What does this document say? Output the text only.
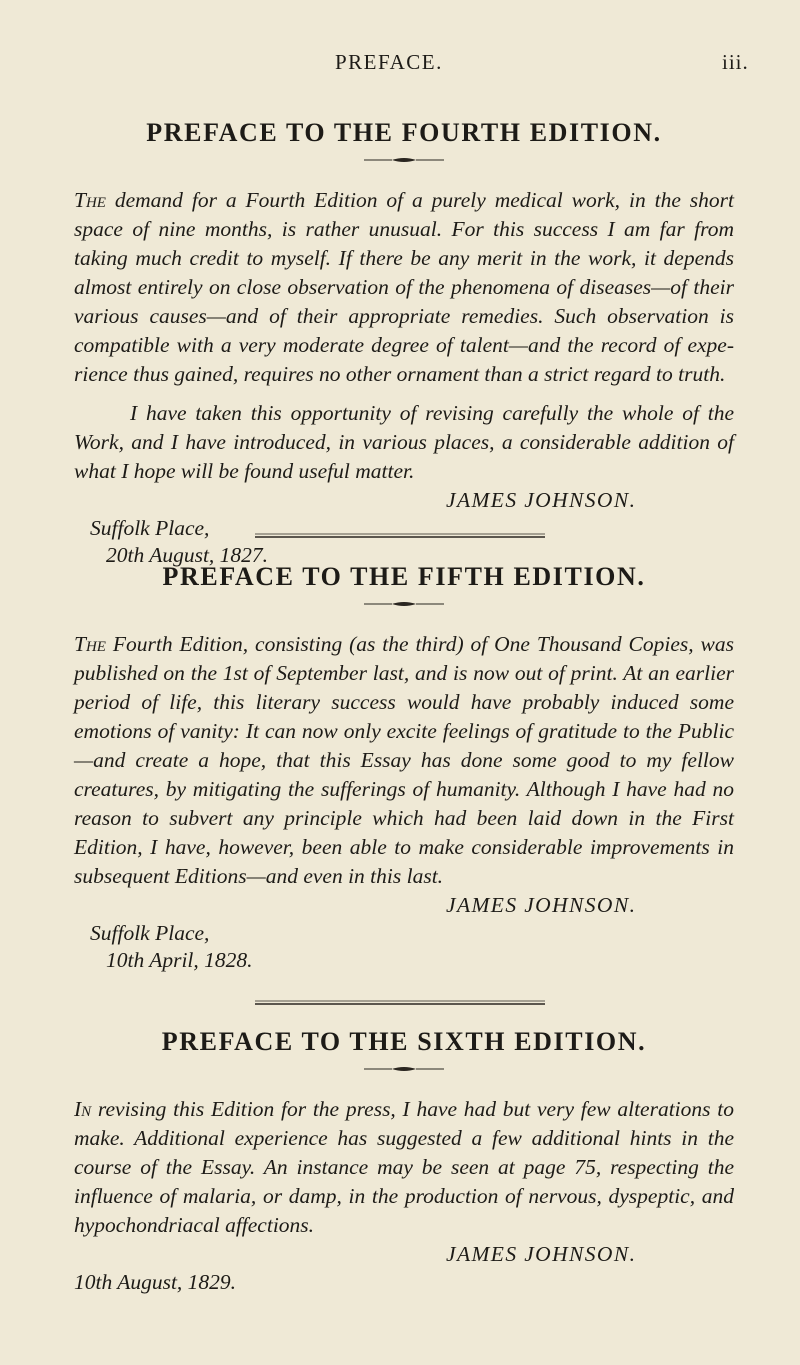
PREFACE.	iii.
PREFACE TO THE FOURTH EDITION.

The demand for a Fourth Edition of a purely medical work, in the short space of nine months, is rather unusual. For this success I am far from taking much credit to myself. If there be any merit in the work, it depends almost entirely on close observation of the phenomena of diseases—of their various causes—and of their appropriate remedies. Such observation is compatible with a very moderate degree of talent—and the record of experience thus gained, requires no other ornament than a strict regard to truth.

I have taken this opportunity of revising carefully the whole of the Work, and I have introduced, in various places, a considerable addition of what I hope will be found useful matter.

JAMES JOHNSON.

Suffolk Place,
20th August, 1827.

PREFACE TO THE FIFTH EDITION.

The Fourth Edition, consisting (as the third) of One Thousand Copies, was published on the 1st of September last, and is now out of print. At an earlier period of life, this literary success would have probably induced some emotions of vanity: It can now only excite feelings of gratitude to the Public—and create a hope, that this Essay has done some good to my fellow creatures, by mitigating the sufferings of humanity. Although I have had no reason to subvert any principle which had been laid down in the First Edition, I have, however, been able to make considerable improvements in subsequent Editions—and even in this last.

JAMES JOHNSON.

Suffolk Place,
10th April, 1828.

PREFACE TO THE SIXTH EDITION.

In revising this Edition for the press, I have had but very few alterations to make. Additional experience has suggested a few additional hints in the course of the Essay. An instance may be seen at page 75, respecting the influence of malaria, or damp, in the production of nervous, dyspeptic, and hypochondriacal affections.

JAMES JOHNSON.

10th August, 1829.
